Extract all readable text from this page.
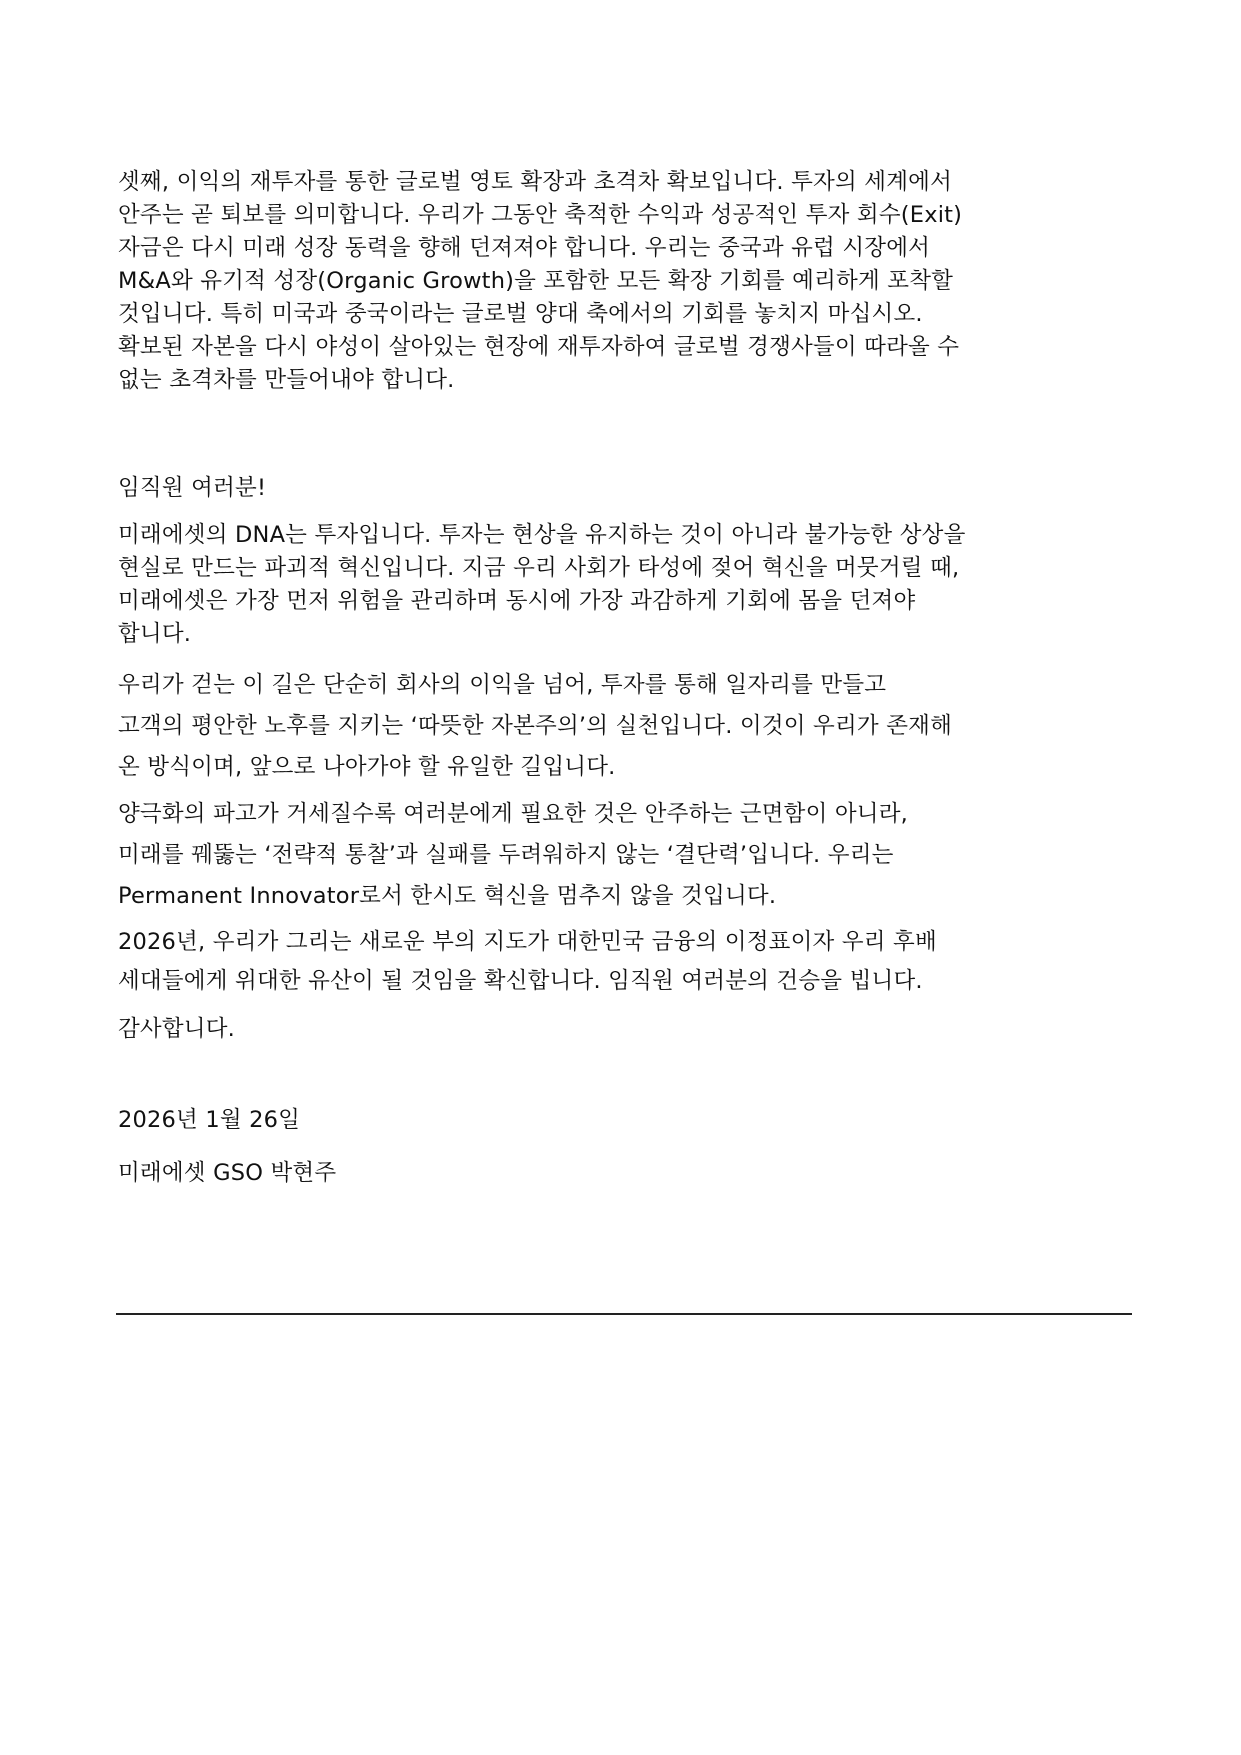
셋째, 이익의 재투자를 통한 글로벌 영토 확장과 초격차 확보입니다. 투자의 세계에서
안주는 곧 퇴보를 의미합니다. 우리가 그동안 축적한 수익과 성공적인 투자 회수(Exit)
자금은 다시 미래 성장 동력을 향해 던져져야 합니다. 우리는 중국과 유럽 시장에서
M&A와 유기적 성장(Organic Growth)을 포함한 모든 확장 기회를 예리하게 포착할
것입니다. 특히 미국과 중국이라는 글로벌 양대 축에서의 기회를 놓치지 마십시오.
확보된 자본을 다시 야성이 살아있는 현장에 재투자하여 글로벌 경쟁사들이 따라올 수
없는 초격차를 만들어내야 합니다.

임직원 여러분!

미래에셋의 DNA는 투자입니다. 투자는 현상을 유지하는 것이 아니라 불가능한 상상을
현실로 만드는 파괴적 혁신입니다. 지금 우리 사회가 타성에 젖어 혁신을 머뭇거릴 때,
미래에셋은 가장 먼저 위험을 관리하며 동시에 가장 과감하게 기회에 몸을 던져야
합니다.

우리가 걷는 이 길은 단순히 회사의 이익을 넘어, 투자를 통해 일자리를 만들고
고객의 평안한 노후를 지키는 ‘따뜻한 자본주의’의 실천입니다. 이것이 우리가 존재해
온 방식이며, 앞으로 나아가야 할 유일한 길입니다.

양극화의 파고가 거세질수록 여러분에게 필요한 것은 안주하는 근면함이 아니라,
미래를 꿰뚫는 ‘전략적 통찰’과 실패를 두려워하지 않는 ‘결단력’입니다. 우리는
Permanent Innovator로서 한시도 혁신을 멈추지 않을 것입니다.

2026년, 우리가 그리는 새로운 부의 지도가 대한민국 금융의 이정표이자 우리 후배
세대들에게 위대한 유산이 될 것임을 확신합니다. 임직원 여러분의 건승을 빕니다.

감사합니다.

2026년 1월 26일

미래에셋 GSO 박현주
